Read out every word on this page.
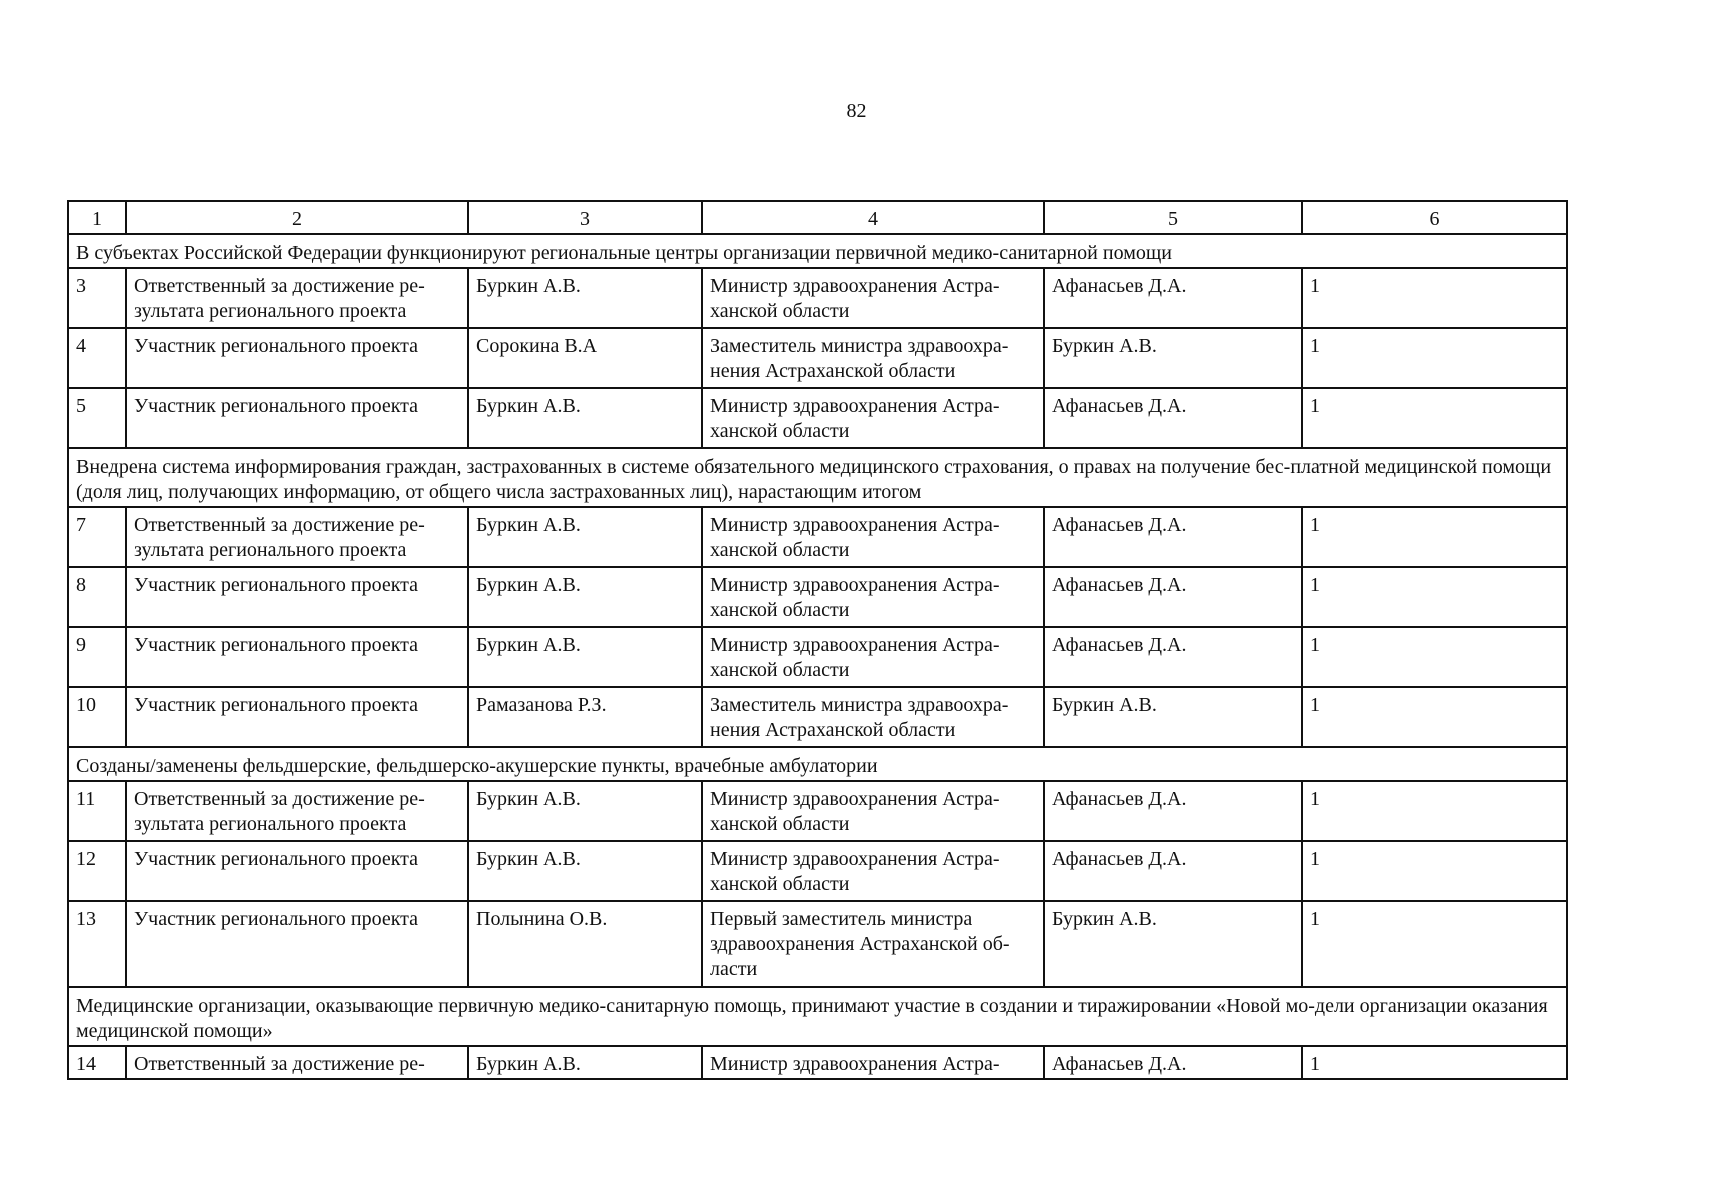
82
1	2	3	4	5	6
В субъектах Российской Федерации функционируют региональные центры организации первичной медико-санитарной помощи					
3	Ответственный за достижение ре-зультата регионального проекта	Буркин А.В.	Министр здравоохранения Астра-ханской области	Афанасьев Д.А.	1
4	Участник регионального проекта	Сорокина В.А	Заместитель министра здравоохра-нения Астраханской области	Буркин А.В.	1
5	Участник регионального проекта	Буркин А.В.	Министр здравоохранения Астра-ханской области	Афанасьев Д.А.	1
Внедрена система информирования граждан, застрахованных в системе обязательного медицинского страхования, о правах на получение бес-платной медицинской помощи (доля лиц, получающих информацию, от общего числа застрахованных лиц), нарастающим итогом					
7	Ответственный за достижение ре-зультата регионального проекта	Буркин А.В.	Министр здравоохранения Астра-ханской области	Афанасьев Д.А.	1
8	Участник регионального проекта	Буркин А.В.	Министр здравоохранения Астра-ханской области	Афанасьев Д.А.	1
9	Участник регионального проекта	Буркин А.В.	Министр здравоохранения Астра-ханской области	Афанасьев Д.А.	1
10	Участник регионального проекта	Рамазанова Р.З.	Заместитель министра здравоохра-нения Астраханской области	Буркин А.В.	1
Созданы/заменены фельдшерские, фельдшерско-акушерские пункты, врачебные амбулатории					
11	Ответственный за достижение ре-зультата регионального проекта	Буркин А.В.	Министр здравоохранения Астра-ханской области	Афанасьев Д.А.	1
12	Участник регионального проекта	Буркин А.В.	Министр здравоохранения Астра-ханской области	Афанасьев Д.А.	1
13	Участник регионального проекта	Полынина О.В.	Первый заместитель министра здравоохранения Астраханской об-ласти	Буркин А.В.	1
Медицинские организации, оказывающие первичную медико-санитарную помощь, принимают участие в создании и тиражировании «Новой мо-дели организации оказания медицинской помощи»					
14	Ответственный за достижение ре-	Буркин А.В.	Министр здравоохранения Астра-	Афанасьев Д.А.	1
